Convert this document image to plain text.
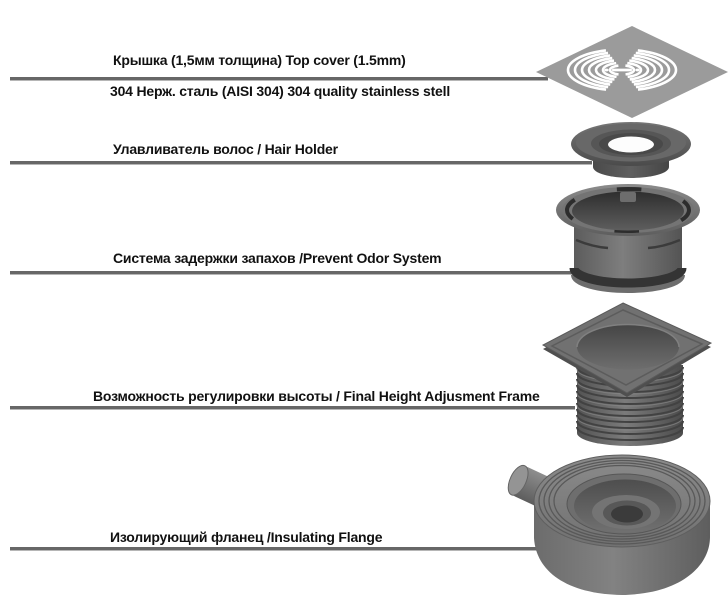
Крышка (1,5мм толщина) Top cover (1.5mm)
304 Нерж. сталь (AISI 304) 304 quality stainless stell
Улавливатель волос / Hair Holder
Система задержки запахов /Prevent Odor System
Возможность регулировки высоты / Final Height Adjusment Frame
Изолирующий фланец /Insulating Flange
